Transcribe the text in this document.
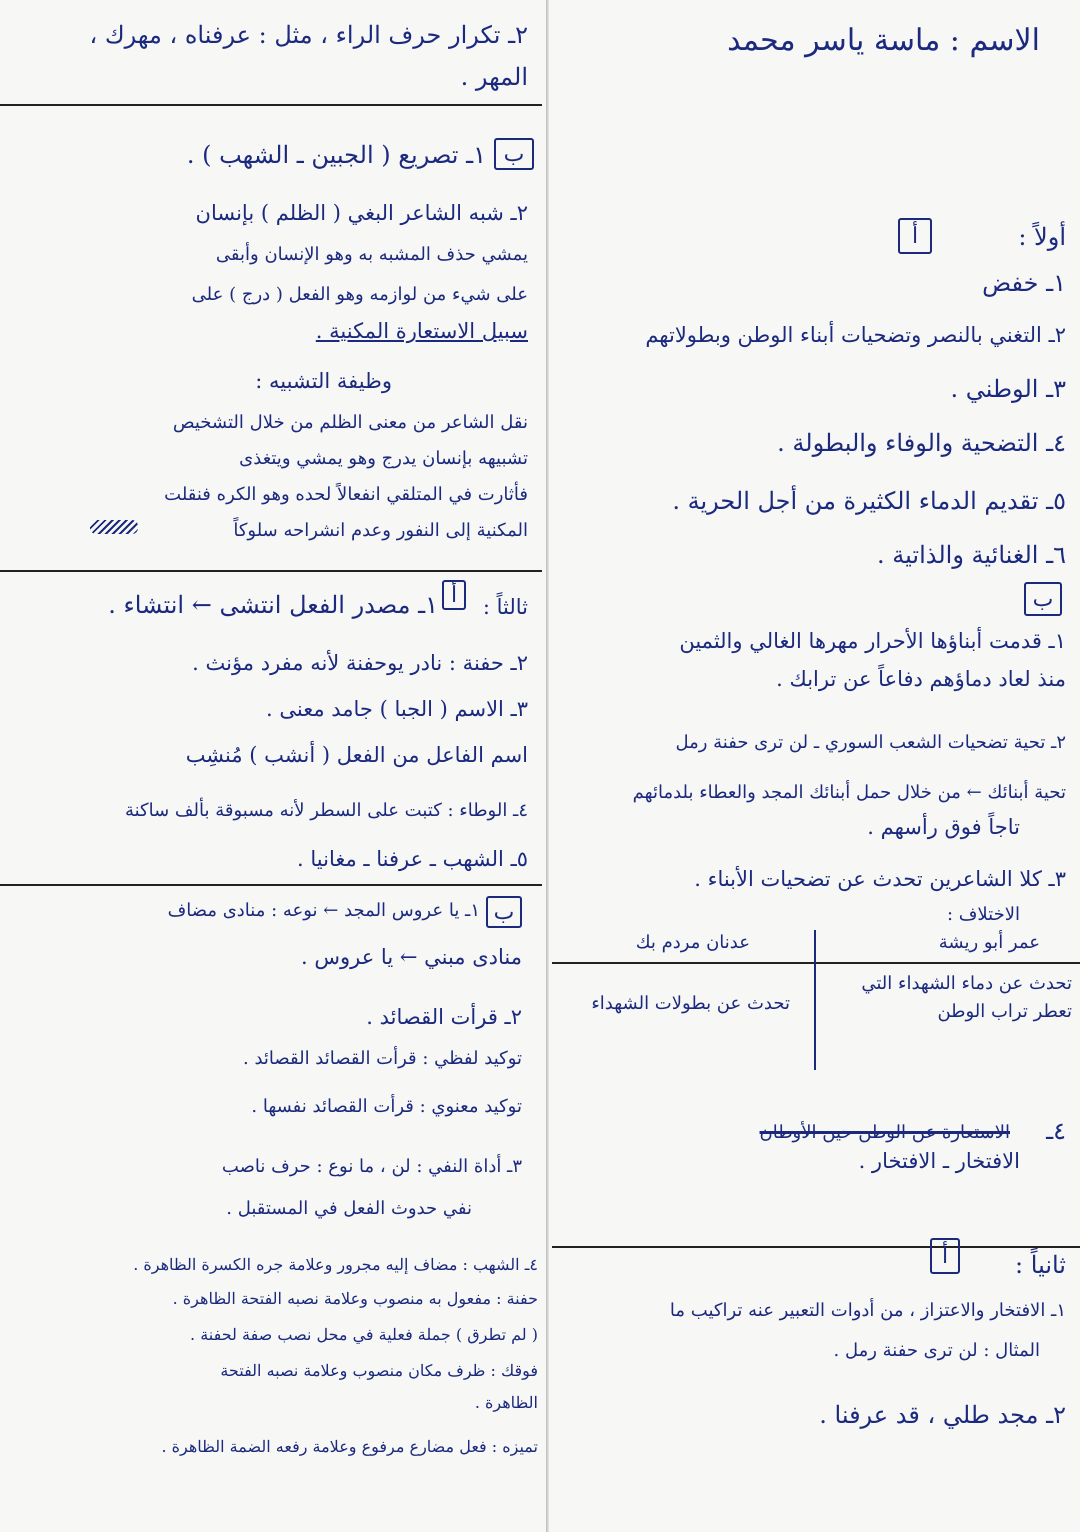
الاسم : ماسة ياسر محمد
أولاً :
أ
١ـ خفض
٢ـ التغني بالنصر وتضحيات أبناء الوطن وبطولاتهم
٣ـ الوطني .
٤ـ التضحية والوفاء والبطولة .
٥ـ تقديم الدماء الكثيرة من أجل الحرية .
٦ـ الغنائية والذاتية .
ب
١ـ قدمت أبناؤها الأحرار مهرها الغالي والثمين
منذ لعاد دماؤهم دفاعاً عن ترابك .
٢ـ تحية تضحيات الشعب السوري ـ لن ترى حفنة رمل
تحية أبنائك ← من خلال حمل أبنائك المجد والعطاء بلدمائهم
تاجاً فوق رأسهم .
٣ـ كلا الشاعرين تحدث عن تضحيات الأبناء .
الاختلاف :
عمر أبو ريشة
عدنان مردم بك
تحدث عن دماء الشهداء التي تعطر تراب الوطن
تحدث عن بطولات الشهداء
٤ـ
الاستعارة عن الوطن حين الأوطان
الافتخار ـ الافتخار .
ثانياً :
أ
١ـ الافتخار والاعتزاز ، من أدوات التعبير عنه تراكيب ما
المثال : لن ترى حفنة رمل .
٢ـ مجد طلي ، قد عرفنا .
٢ـ تكرار حرف الراء ، مثل : عرفناه ، مهرك ،
المهر .
ب
١ـ تصريع ( الجبين ـ الشهب ) .
٢ـ شبه الشاعر البغي ( الظلم ) بإنسان
يمشي حذف المشبه به وهو الإنسان وأبقى
على شيء من لوازمه وهو الفعل ( درج ) على
سبيل الاستعارة المكنية .
وظيفة التشبيه :
نقل الشاعر من معنى الظلم من خلال التشخيص
تشبيهه بإنسان يدرج وهو يمشي ويتغذى
فأثارت في المتلقي انفعالاً لحده وهو الكره فنقلت
المكنية إلى النفور وعدم انشراحه سلوكاً
ثالثاً :
أ
١ـ مصدر الفعل انتشى ← انتشاء .
٢ـ حفنة : نادر يوحفنة لأنه مفرد مؤنث .
٣ـ الاسم ( الجبا ) جامد معنى .
اسم الفاعل من الفعل ( أنشب ) مُنشِب
٤ـ الوطاء : كتبت على السطر لأنه مسبوقة بألف ساكنة
٥ـ الشهب ـ عرفنا ـ مغانيا .
ب
١ـ يا عروس المجد ← نوعه : منادى مضاف
منادى مبني ← يا عروس .
٢ـ قرأت القصائد .
توكيد لفظي : قرأت القصائد القصائد .
توكيد معنوي : قرأت القصائد نفسها .
٣ـ أداة النفي : لن ، ما نوع : حرف ناصب
نفي حدوث الفعل في المستقبل .
٤ـ الشهب : مضاف إليه مجرور وعلامة جره الكسرة الظاهرة .
حفنة : مفعول به منصوب وعلامة نصبه الفتحة الظاهرة .
( لم تطرق ) جملة فعلية في محل نصب صفة لحفنة .
فوقك : ظرف مكان منصوب وعلامة نصبه الفتحة
الظاهرة .
تميزه : فعل مضارع مرفوع وعلامة رفعه الضمة الظاهرة .
